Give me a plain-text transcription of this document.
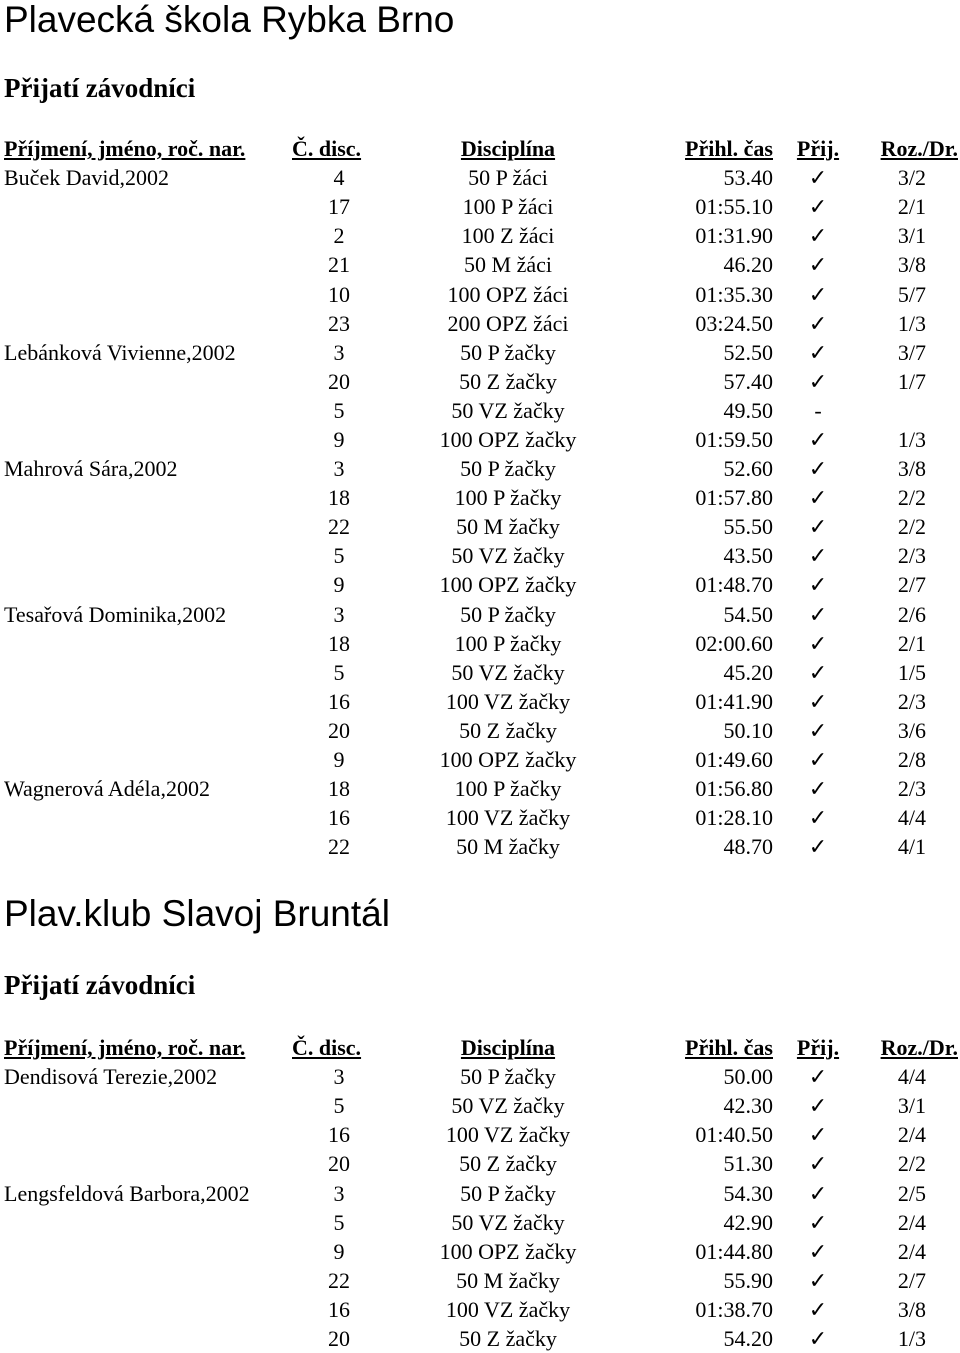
Plavecká škola Rybka Brno
Přijatí závodníci
Příjmení, jméno, roč. nar.	Č. disc.	Disciplína	Přihl. čas	Přij.	Roz./Dr.
Buček David,2002	4	50 P žáci	53.40	✓	3/2
	17	100 P žáci	01:55.10	✓	2/1
	2	100 Z žáci	01:31.90	✓	3/1
	21	50 M žáci	46.20	✓	3/8
	10	100 OPZ žáci	01:35.30	✓	5/7
	23	200 OPZ žáci	03:24.50	✓	1/3
Lebánková Vivienne,2002	3	50 P žačky	52.50	✓	3/7
	20	50 Z žačky	57.40	✓	1/7
	5	50 VZ žačky	49.50	-	
	9	100 OPZ žačky	01:59.50	✓	1/3
Mahrová Sára,2002	3	50 P žačky	52.60	✓	3/8
	18	100 P žačky	01:57.80	✓	2/2
	22	50 M žačky	55.50	✓	2/2
	5	50 VZ žačky	43.50	✓	2/3
	9	100 OPZ žačky	01:48.70	✓	2/7
Tesařová Dominika,2002	3	50 P žačky	54.50	✓	2/6
	18	100 P žačky	02:00.60	✓	2/1
	5	50 VZ žačky	45.20	✓	1/5
	16	100 VZ žačky	01:41.90	✓	2/3
	20	50 Z žačky	50.10	✓	3/6
	9	100 OPZ žačky	01:49.60	✓	2/8
Wagnerová Adéla,2002	18	100 P žačky	01:56.80	✓	2/3
	16	100 VZ žačky	01:28.10	✓	4/4
	22	50 M žačky	48.70	✓	4/1
Plav.klub Slavoj Bruntál
Přijatí závodníci
Příjmení, jméno, roč. nar.	Č. disc.	Disciplína	Přihl. čas	Přij.	Roz./Dr.
Dendisová Terezie,2002	3	50 P žačky	50.00	✓	4/4
	5	50 VZ žačky	42.30	✓	3/1
	16	100 VZ žačky	01:40.50	✓	2/4
	20	50 Z žačky	51.30	✓	2/2
Lengsfeldová Barbora,2002	3	50 P žačky	54.30	✓	2/5
	5	50 VZ žačky	42.90	✓	2/4
	9	100 OPZ žačky	01:44.80	✓	2/4
	22	50 M žačky	55.90	✓	2/7
	16	100 VZ žačky	01:38.70	✓	3/8
	20	50 Z žačky	54.20	✓	1/3
